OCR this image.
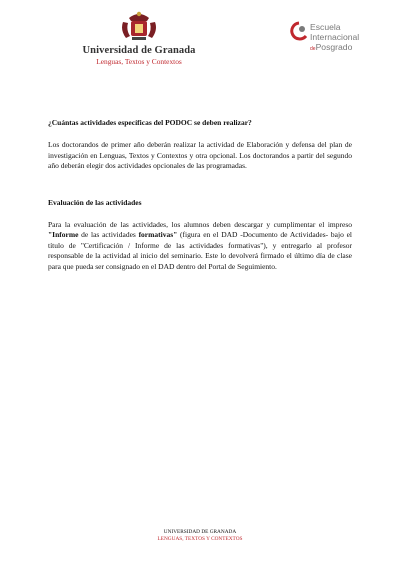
Universidad de Granada
Lenguas, Textos y Contextos
Escuela
Internacional
dePosgrado

¿Cuántas actividades específicas del PODOC se deben realizar?

Los doctorandos de primer año deberán realizar la actividad de Elaboración y defensa del plan de investigación en Lenguas, Textos y Contextos y otra opcional. Los doctorandos a partir del segundo año deberán elegir dos actividades opcionales de las programadas.

Evaluación de las actividades

Para la evaluación de las actividades, los alumnos deben descargar y cumplimentar el impreso "Informe de las actividades formativas" (figura en el DAD -Documento de Actividades- bajo el título de "Certificación / Informe de las actividades formativas"), y entregarlo al profesor responsable de la actividad al inicio del seminario. Este lo devolverá firmado el último día de clase para que pueda ser consignado en el DAD dentro del Portal de Seguimiento.

UNIVERSIDAD DE GRANADA
LENGUAS, TEXTOS Y CONTEXTOS
